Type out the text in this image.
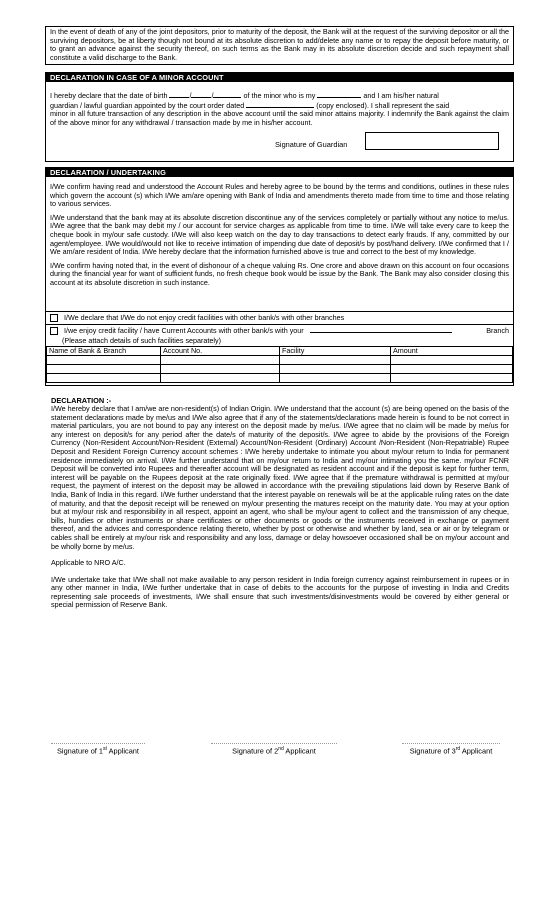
In the event of death of any of the joint depositors, prior to maturity of the deposit, the Bank will at the request of the surviving depositor or all the surviving depositors, be at liberty though not bound at its absolute discretion to add/delete any name or to repay the deposit before maturity, or to grant an advance against the security thereof, on such terms as the Bank may in its absolute discretion decide and such repayment shall constitute a valid discharge to the Bank.

DECLARATION IN CASE OF A MINOR ACCOUNT

I hereby declare that the date of birth	/	/	of the minor who is my	and I am his/her natural

guardian / lawful guardian appointed by the court order dated	(copy enclosed). I shall represent the said

minor in all future transaction of any description in the above account until the said minor attains majority. I indemnify the Bank against the claim of the above minor for any withdrawal / transaction made by me in his/her account.

Signature of Guardian
DECLARATION / UNDERTAKING

I/We confirm having read and understood the Account Rules and hereby agree to be bound by the terms and conditions, outlines in these rules which govern the account (s) which I/We am/are opening with Bank of India and amendments thereto made from time to time and those relating to various services.

I/We understand that the bank may at its absolute discretion discontinue any of the services completely or partially without any notice to me/us. I/We agree that the bank may debit my / our account for service charges as applicable from time to time. I/We will take every care to keep the cheque book in my/our safe custody. I/We will also keep watch on the day to day transactions to detect early frauds. If any, committed by our agent/employee. I/We would/would not like to receive intimation of impending due date of deposit/s by post/hand delivery. I/We confirmed that I / We am/are resident of India. I/We hereby declare that the information furnished above is true and correct to the best of my knowledge.

I/We confirm having noted that, in the event of dishonour of a cheque valuing Rs. One crore and above drawn on this account on four occasions during the financial year for want of sufficient funds, no fresh cheque book would be issue by the Bank. The Bank may also consider closing this account at its absolute discretion in such instance.

I/We declare that I/We do not enjoy credit facilities with other bank/s with other branches
I/we enjoy credit facility / have Current Accounts with other bank/s with your	Branch
(Please attach details of such facilities separately)
Name of Bank & Branch	Account No.	Facility	Amount

DECLARATION :-

I/We hereby declare that I am/we are non-resident(s) of Indian Origin. I/We understand that the account (s) are being opened on the basis of the statement declarations made by me/us and I/We also agree that if any of the statements/declarations made herein is found to be not correct in material particulars, you are not bound to pay any interest on the deposit made by me/us. I/We agree that no claim will be made by me/us for any interest on deposit/s for any period after the date/s of maturity of the deposit/s. I/We agree to abide by the provisions of the Foreign Currency (Non-Resident Account/Non-Resident (External) Account/Non-Resident (Ordinary) Account /Non-Resident (Non-Repatriable) Rupee Deposit and Resident Foreign Currency account schemes : I/We hereby undertake to intimate you about my/our return to India for permanent residence immediately on arrival. I/We further understand that on my/our return to India and my/our intimating you the same. my/our FCNR Deposit will be converted into Rupees and thereafter account will be designated as resident account and if the deposit is kept for further term, interest will be payable on the Rupees deposit at the rate originally fixed. I/We agree that if the premature withdrawal is permitted at my/our request, the payment of interest on the deposit may be allowed in accordance with the prevailing stipulations laid down by Reserve Bank of India, Bank of India in this regard. I/We further understand that the interest payable on renewals will be at the applicable ruling rates on the date of maturity, and that the deposit receipt will be renewed on my/our presenting the matures receipt on the maturity date. You may at your option but at my/our risk and responsibility in all respect, appoint an agent, who shall be my/our agent to collect and the transmission of any cheque, bills, hundies or other instruments or share certificates or other documents or goods or the instruments received in exchange or payment thereof, and the advices and correspondence relating thereto, whether by post or otherwise and whether by land, sea or air or by telegram or cables shall be entirely at my/our risk and responsibility and any loss, damage or delay howsoever occasioned shall be on my/our account and be wholly borne by me/us.

Applicable to NRO A/C.

I/We undertake take that I/We shall not make available to any person resident in India foreign currency against reimbursement in rupees or in any other manner in India, I/We further undertake that in case of debits to the accounts for the purpose of investing in India and Credits representing sale proceeds of investments, I/We shall ensure that such investments/disinvestments would be covered by either general or special permission of Reserve Bank.

Signature of 1st Applicant	Signature of 2nd Applicant	Signature of 3rd Applicant
